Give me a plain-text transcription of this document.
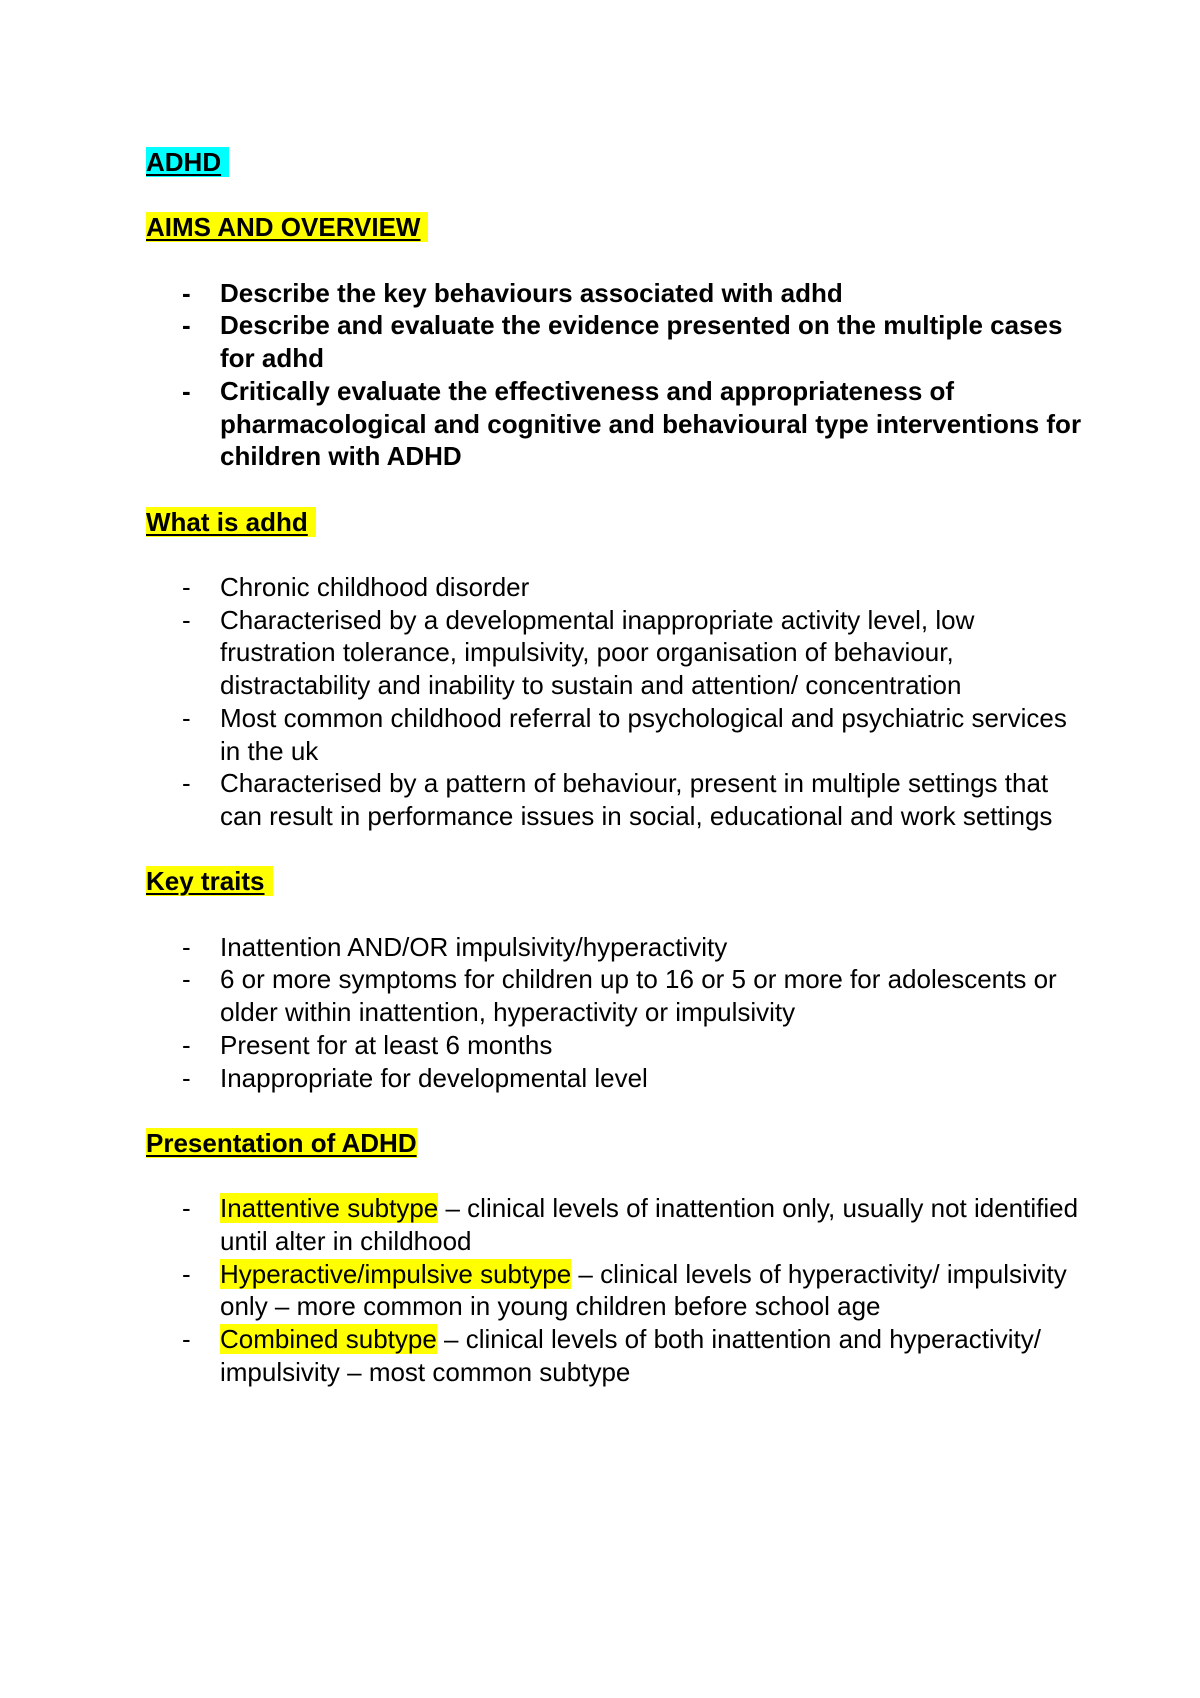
ADHD

AIMS AND OVERVIEW

- Describe the key behaviours associated with adhd
- Describe and evaluate the evidence presented on the multiple cases for adhd
- Critically evaluate the effectiveness and appropriateness of pharmacological and cognitive and behavioural type interventions for children with ADHD

What is adhd

- Chronic childhood disorder
- Characterised by a developmental inappropriate activity level, low frustration tolerance, impulsivity, poor organisation of behaviour, distractability and inability to sustain and attention/ concentration
- Most common childhood referral to psychological and psychiatric services in the uk
- Characterised by a pattern of behaviour, present in multiple settings that can result in performance issues in social, educational and work settings

Key traits

- Inattention AND/OR impulsivity/hyperactivity
- 6 or more symptoms for children up to 16 or 5 or more for adolescents or older within inattention, hyperactivity or impulsivity
- Present for at least 6 months
- Inappropriate for developmental level

Presentation of ADHD

- Inattentive subtype – clinical levels of inattention only, usually not identified until alter in childhood
- Hyperactive/impulsive subtype – clinical levels of hyperactivity/ impulsivity only – more common in young children before school age
- Combined subtype – clinical levels of both inattention and hyperactivity/ impulsivity – most common subtype
